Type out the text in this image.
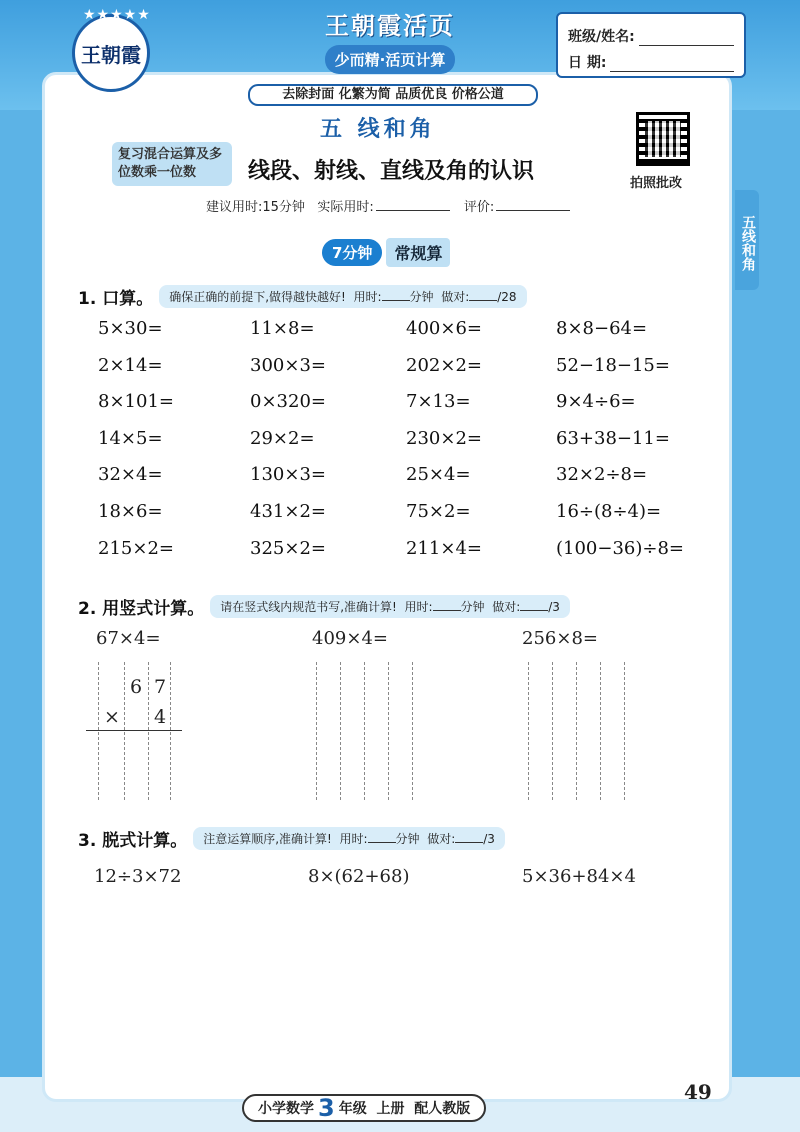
★★★★★
王朝霞
王朝霞活页
少而精·活页计算
去除封面 化繁为简 品质优良 价格公道
班级/姓名:
日 期:
五线和角
五 线和角
复习混合运算及多位数乘一位数	线段、射线、直线及角的认识	拍照批改
建议用时:15分钟 实际用时:	评价:
7分钟	常规算
1. 口算。	确保正确的前提下,做得越快越好! 用时: 分钟 做对: /28
5×30=	11×8=	400×6=	8×8−64=
2×14=	300×3=	202×2=	52−18−15=
8×101=	0×320=	7×13=	9×4÷6=
14×5=	29×2=	230×2=	63+38−11=
32×4=	130×3=	25×4=	32×2÷8=
18×6=	431×2=	75×2=	16÷(8÷4)=
215×2=	325×2=	211×4=	(100−36)÷8=
2. 用竖式计算。	请在竖式线内规范书写,准确计算! 用时: 分钟 做对: /3
67×4=	409×4=	256×8=
6 7
× 4
3. 脱式计算。	注意运算顺序,准确计算! 用时: 分钟 做对: /3
12÷3×72	8×(62+68)	5×36+84×4
小学数学 3 年级
上册
配人教版
49
